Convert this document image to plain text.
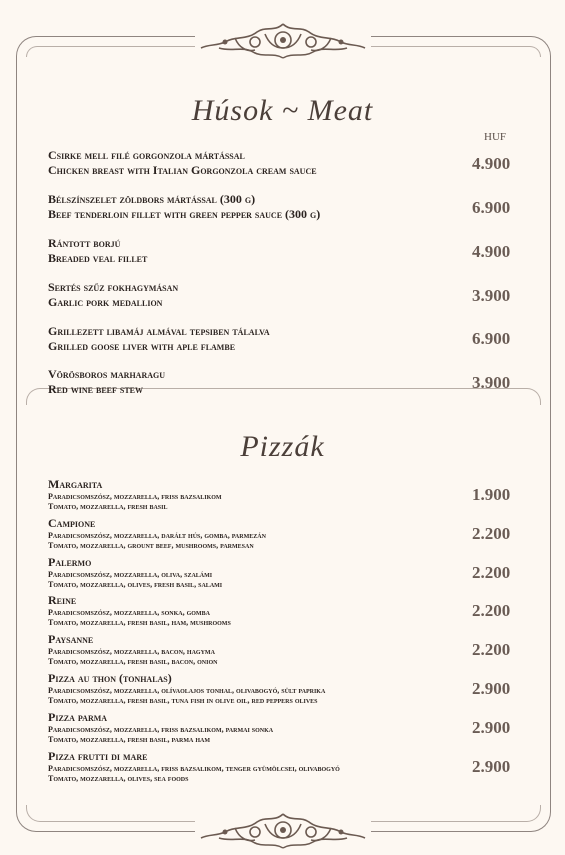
Húsok ~ Meat
HUF
Csirke mell filé gorgonzola mártással
Chicken breast with Italian Gorgonzola cream sauce	4.900
Bélszínszelet zöldbors mártással (300 g)
Beef tenderloin fillet with green pepper sauce (300 g)	6.900
Rántott borjú
Breaded veal fillet	4.900
Sertés szűz fokhagymásan
Garlic pork medallion	3.900
Grillezett libamáj almával tepsiben tálalva
Grilled goose liver with aple flambe	6.900
Vörösboros marharagu
Red wine beef stew	3.900
Pizzák
Margarita
Paradicsomszósz, mozzarella, friss bazsalikom
Tomato, mozzarella, fresh basil
1.900
Campione
Paradicsomszósz, mozzarella, darált hús, gomba, parmezán
Tomato, mozzarella, grount beef, mushrooms, parmesan
2.200
Palermo
Paradicsomszósz, mozzarella, oliva, szalámi
Tomato, mozzarella, olives, fresh basil, salami
2.200
Reine
Paradicsomszósz, mozzarella, sonka, gomba
Tomato, mozzarella, fresh basil, ham, mushrooms
2.200
Paysanne
Paradicsomszósz, mozzarella, bacon, hagyma
Tomato, mozzarella, fresh basil, bacon, onion
2.200
Pizza au thon (tonhalas)
Paradicsomszósz, mozzarella, olívaolajos tonhal, olivabogyó, sült paprika
Tomato, mozzarella, fresh basil, tuna fish in olive oil, red peppers olives
2.900
Pizza parma
Paradicsomszósz, mozzarella, friss bazsalikom, parmai sonka
Tomato, mozzarella, fresh basil, parma ham
2.900
Pizza frutti di mare
Paradicsomszósz, mozzarella, friss bazsalikom, tenger gyümölcsei, olivabogyó
Tomato, mozzarella, olives, sea foods
2.900
